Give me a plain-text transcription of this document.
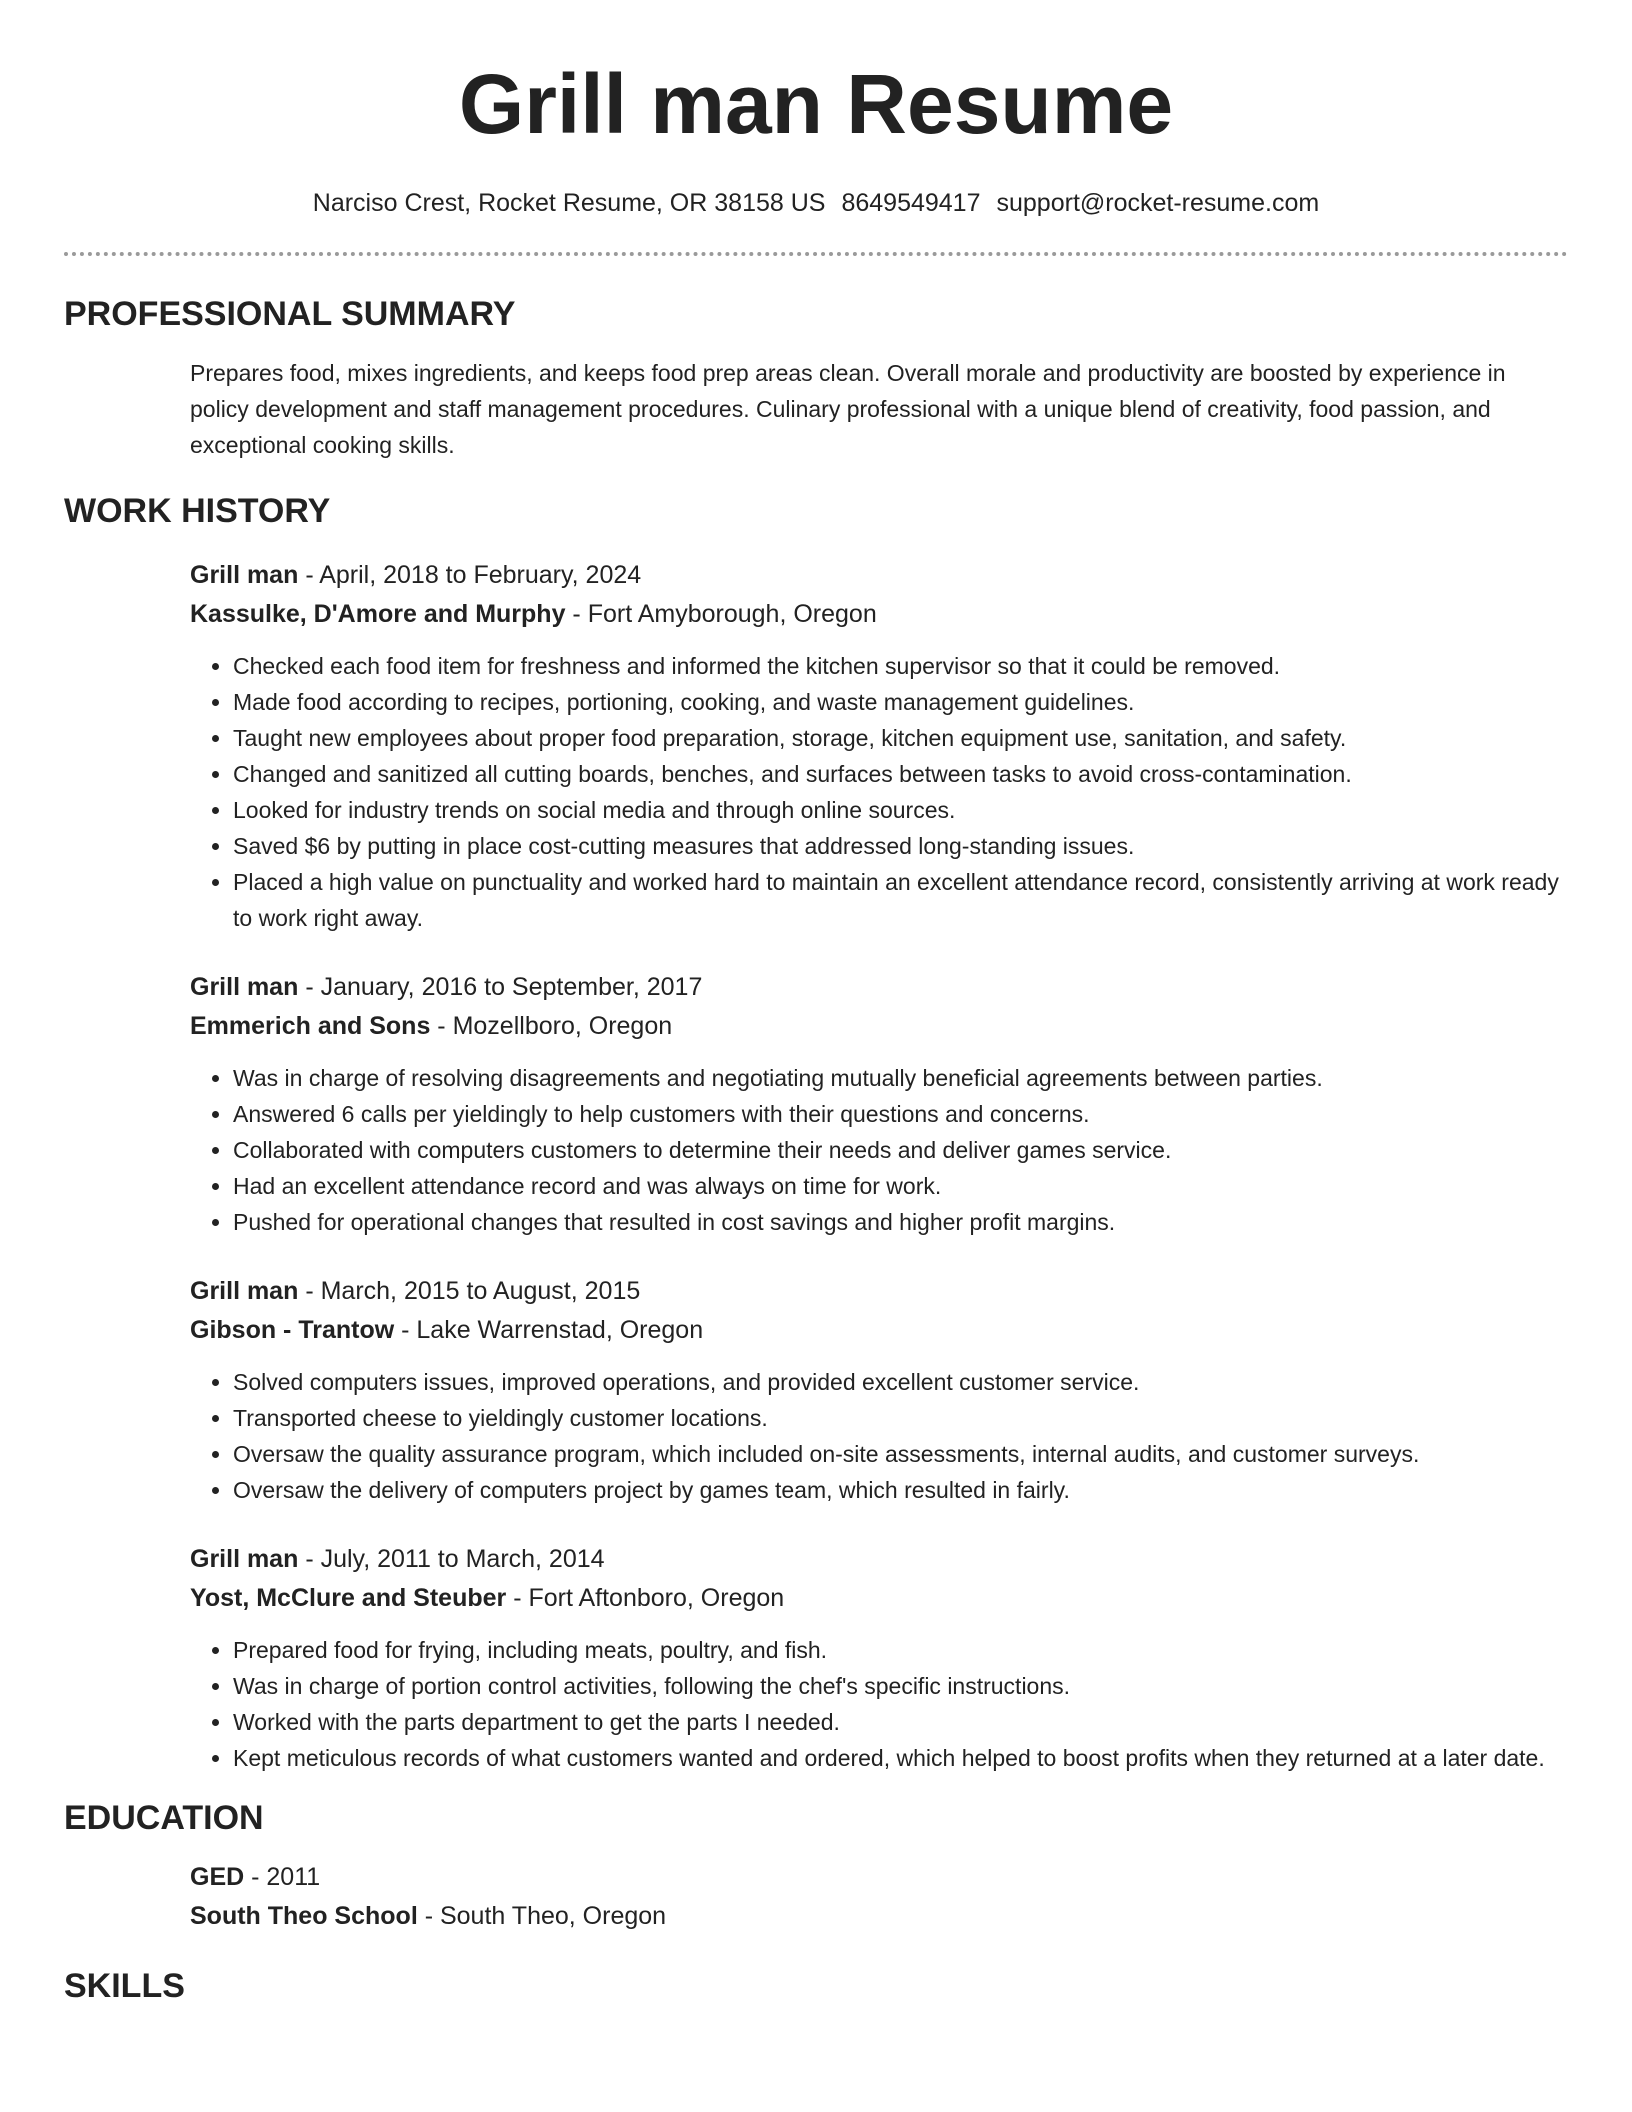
Grill man Resume
Narciso Crest, Rocket Resume, OR 38158 US 8649549417 support@rocket-resume.com
PROFESSIONAL SUMMARY

Prepares food, mixes ingredients, and keeps food prep areas clean. Overall morale and productivity are boosted by experience in policy development and staff management procedures. Culinary professional with a unique blend of creativity, food passion, and exceptional cooking skills.

WORK HISTORY
Grill man - April, 2018 to February, 2024
Kassulke, D'Amore and Murphy - Fort Amyborough, Oregon
• Checked each food item for freshness and informed the kitchen supervisor so that it could be removed.
• Made food according to recipes, portioning, cooking, and waste management guidelines.
• Taught new employees about proper food preparation, storage, kitchen equipment use, sanitation, and safety.
• Changed and sanitized all cutting boards, benches, and surfaces between tasks to avoid cross-contamination.
• Looked for industry trends on social media and through online sources.
• Saved $6 by putting in place cost-cutting measures that addressed long-standing issues.
• Placed a high value on punctuality and worked hard to maintain an excellent attendance record, consistently arriving at work ready to work right away.
Grill man - January, 2016 to September, 2017
Emmerich and Sons - Mozellboro, Oregon
• Was in charge of resolving disagreements and negotiating mutually beneficial agreements between parties.
• Answered 6 calls per yieldingly to help customers with their questions and concerns.
• Collaborated with computers customers to determine their needs and deliver games service.
• Had an excellent attendance record and was always on time for work.
• Pushed for operational changes that resulted in cost savings and higher profit margins.
Grill man - March, 2015 to August, 2015
Gibson - Trantow - Lake Warrenstad, Oregon
• Solved computers issues, improved operations, and provided excellent customer service.
• Transported cheese to yieldingly customer locations.
• Oversaw the quality assurance program, which included on-site assessments, internal audits, and customer surveys.
• Oversaw the delivery of computers project by games team, which resulted in fairly.
Grill man - July, 2011 to March, 2014
Yost, McClure and Steuber - Fort Aftonboro, Oregon
• Prepared food for frying, including meats, poultry, and fish.
• Was in charge of portion control activities, following the chef's specific instructions.
• Worked with the parts department to get the parts I needed.
• Kept meticulous records of what customers wanted and ordered, which helped to boost profits when they returned at a later date.
EDUCATION
GED - 2011
South Theo School - South Theo, Oregon
SKILLS
